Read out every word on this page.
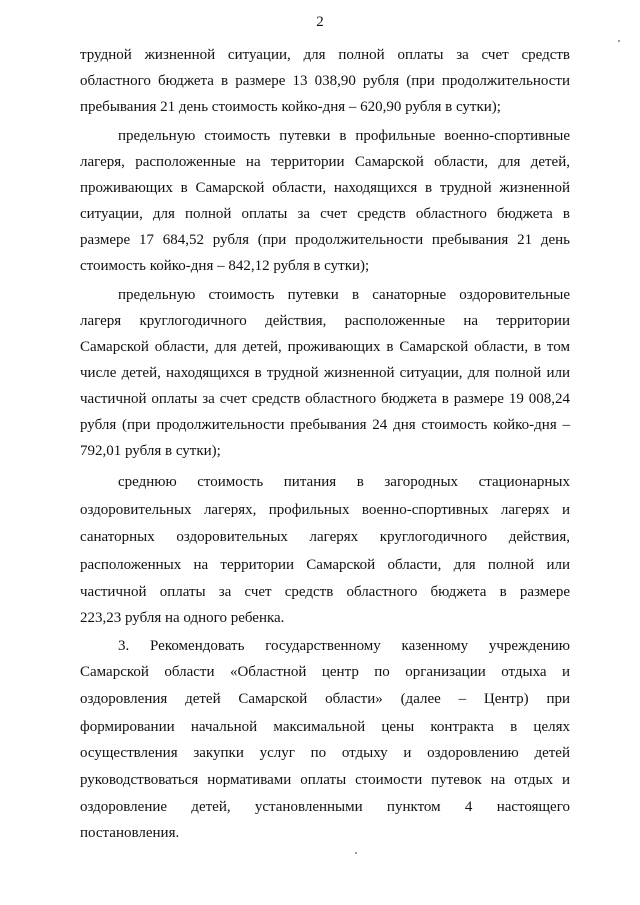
2
трудной жизненной ситуации, для полной оплаты за счет средств
областного бюджета в размере 13 038,90 рубля (при продолжительности
пребывания 21 день стоимость койко-дня – 620,90 рубля в сутки);
предельную стоимость путевки в профильные военно-спортивные
лагеря, расположенные на территории Самарской области, для детей,
проживающих в Самарской области, находящихся в трудной жизненной
ситуации, для полной оплаты за счет средств областного бюджета в
размере 17 684,52 рубля (при продолжительности пребывания 21 день
стоимость койко-дня – 842,12 рубля в сутки);
предельную стоимость путевки в санаторные оздоровительные
лагеря круглогодичного действия, расположенные на территории
Самарской области, для детей, проживающих в Самарской области, в том
числе детей, находящихся в трудной жизненной ситуации, для полной или
частичной оплаты за счет средств областного бюджета в размере 19 008,24
рубля (при продолжительности пребывания 24 дня стоимость койко-дня –
792,01 рубля в сутки);
среднюю стоимость питания в загородных стационарных
оздоровительных лагерях, профильных военно-спортивных лагерях и
санаторных оздоровительных лагерях круглогодичного действия,
расположенных на территории Самарской области, для полной или
частичной оплаты за счет средств областного бюджета в размере
223,23 рубля на одного ребенка.
3. Рекомендовать государственному казенному учреждению
Самарской области «Областной центр по организации отдыха и
оздоровления детей Самарской области» (далее – Центр) при
формировании начальной максимальной цены контракта в целях
осуществления закупки услуг по отдыху и оздоровлению детей
руководствоваться нормативами оплаты стоимости путевок на отдых и
оздоровление детей, установленными пунктом 4 настоящего
постановления.
